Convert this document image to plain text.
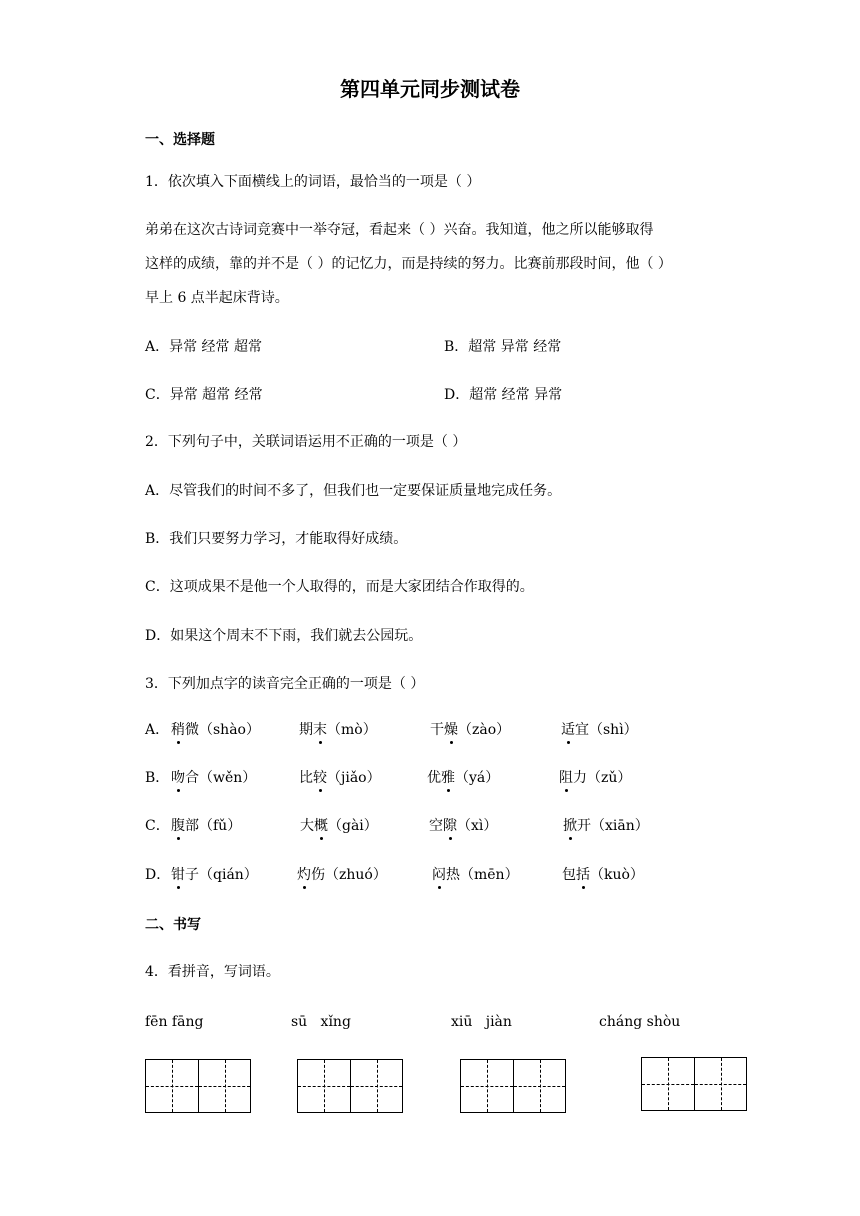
第四单元同步测试卷
一、选择题
1．依次填入下面横线上的词语，最恰当的一项是（ ）
弟弟在这次古诗词竞赛中一举夺冠，看起来（ ）兴奋。我知道，他之所以能够取得
这样的成绩，靠的并不是（ ）的记忆力，而是持续的努力。比赛前那段时间，他（ ）
早上 6 点半起床背诗。
A．异常 经常 超常	B．超常 异常 经常
C．异常 超常 经常	D．超常 经常 异常
2．下列句子中，关联词语运用不正确的一项是（ ）
A．尽管我们的时间不多了，但我们也一定要保证质量地完成任务。
B．我们只要努力学习，才能取得好成绩。
C．这项成果不是他一个人取得的，而是大家团结合作取得的。
D．如果这个周末不下雨，我们就去公园玩。
3．下列加点字的读音完全正确的一项是（ ）
A． 稍微（shào）	期末（mò）	干燥（zào）	适宜（shì）
B． 吻合（wěn）	比较（jiǎo）	优雅（yá）	阻力（zǔ）
C． 腹部（fǔ）	大概（gài）	空隙（xì）	掀开（xiān）
D． 钳子（qián）	灼伤（zhuó）	闷热（mēn）	包括（kuò）
二、书写
4．看拼音，写词语。
fēn fāng	sū   xǐng	xiū   jiàn	cháng shòu
